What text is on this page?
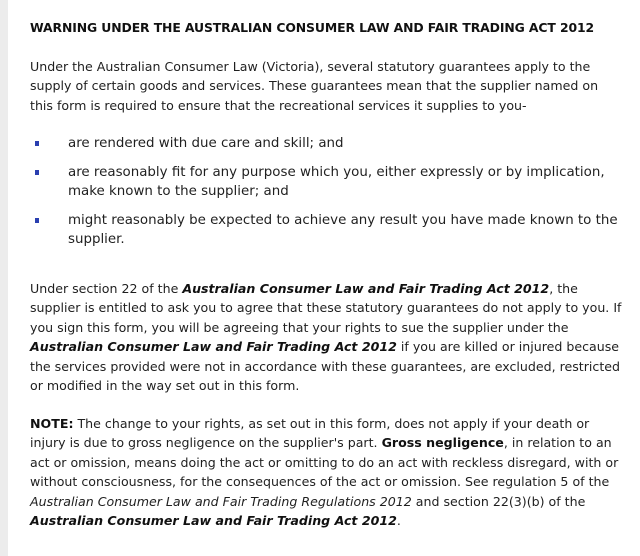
WARNING UNDER THE AUSTRALIAN CONSUMER LAW AND FAIR TRADING ACT 2012

Under the Australian Consumer Law (Victoria), several statutory guarantees apply to the supply of certain goods and services. These guarantees mean that the supplier named on this form is required to ensure that the recreational services it supplies to you-

are rendered with due care and skill; and
are reasonably fit for any purpose which you, either expressly or by implication, make known to the supplier; and
might reasonably be expected to achieve any result you have made known to the supplier.

Under section 22 of the Australian Consumer Law and Fair Trading Act 2012, the supplier is entitled to ask you to agree that these statutory guarantees do not apply to you. If you sign this form, you will be agreeing that your rights to sue the supplier under the Australian Consumer Law and Fair Trading Act 2012 if you are killed or injured because the services provided were not in accordance with these guarantees, are excluded, restricted or modified in the way set out in this form.

NOTE: The change to your rights, as set out in this form, does not apply if your death or injury is due to gross negligence on the supplier's part. Gross negligence, in relation to an act or omission, means doing the act or omitting to do an act with reckless disregard, with or without consciousness, for the consequences of the act or omission. See regulation 5 of the Australian Consumer Law and Fair Trading Regulations 2012 and section 22(3)(b) of the Australian Consumer Law and Fair Trading Act 2012.
